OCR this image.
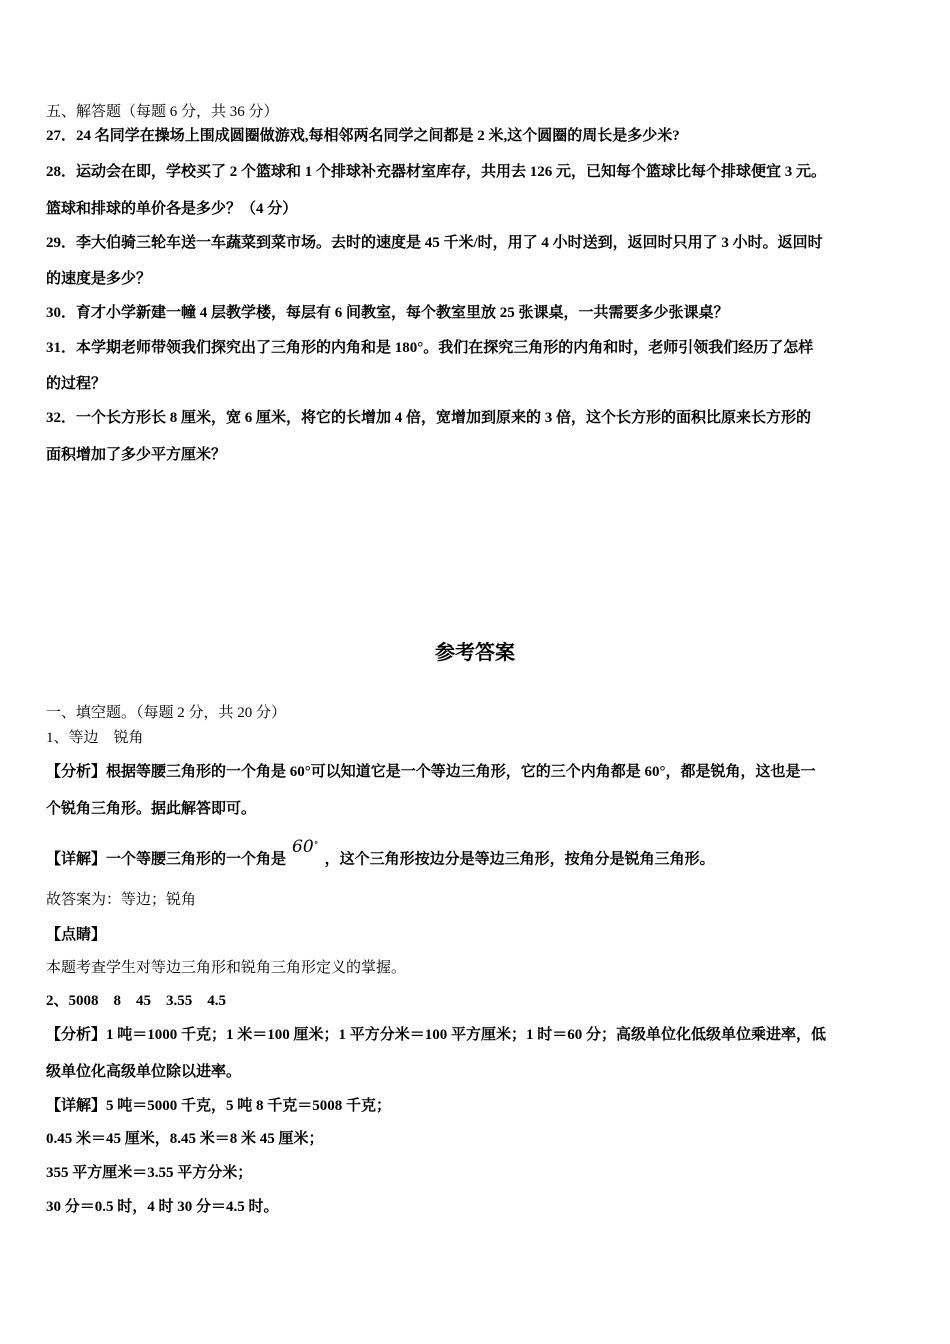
五、解答题（每题 6 分，共 36 分）

27．24 名同学在操场上围成圆圈做游戏,每相邻两名同学之间都是 2 米,这个圆圈的周长是多少米?

28．运动会在即，学校买了 2 个篮球和 1 个排球补充器材室库存，共用去 126 元，已知每个篮球比每个排球便宜 3 元。

篮球和排球的单价各是多少？（4 分）

29．李大伯骑三轮车送一车蔬菜到菜市场。去时的速度是 45 千米/时，用了 4 小时送到，返回时只用了 3 小时。返回时

的速度是多少？

30．育才小学新建一幢 4 层教学楼，每层有 6 间教室，每个教室里放 25 张课桌，一共需要多少张课桌？

31．本学期老师带领我们探究出了三角形的内角和是 180°。我们在探究三角形的内角和时，老师引领我们经历了怎样

的过程？

32．一个长方形长 8 厘米，宽 6 厘米，将它的长增加 4 倍，宽增加到原来的 3 倍，这个长方形的面积比原来长方形的

面积增加了多少平方厘米？

参考答案

一、填空题。（每题 2 分，共 20 分）

1、等边　锐角

【分析】根据等腰三角形的一个角是 60°可以知道它是一个等边三角形，它的三个内角都是 60°，都是锐角，这也是一

个锐角三角形。据此解答即可。

【详解】一个等腰三角形的一个角是60∘，这个三角形按边分是等边三角形，按角分是锐角三角形。

故答案为：等边；锐角

【点睛】

本题考查学生对等边三角形和锐角三角形定义的掌握。

2、5008　8　45　3.55　4.5

【分析】1 吨＝1000 千克；1 米＝100 厘米；1 平方分米＝100 平方厘米；1 时＝60 分；高级单位化低级单位乘进率，低

级单位化高级单位除以进率。

【详解】5 吨＝5000 千克，5 吨 8 千克＝5008 千克；

0.45 米＝45 厘米，8.45 米＝8 米 45 厘米；

355 平方厘米＝3.55 平方分米；

30 分＝0.5 时，4 时 30 分＝4.5 时。
